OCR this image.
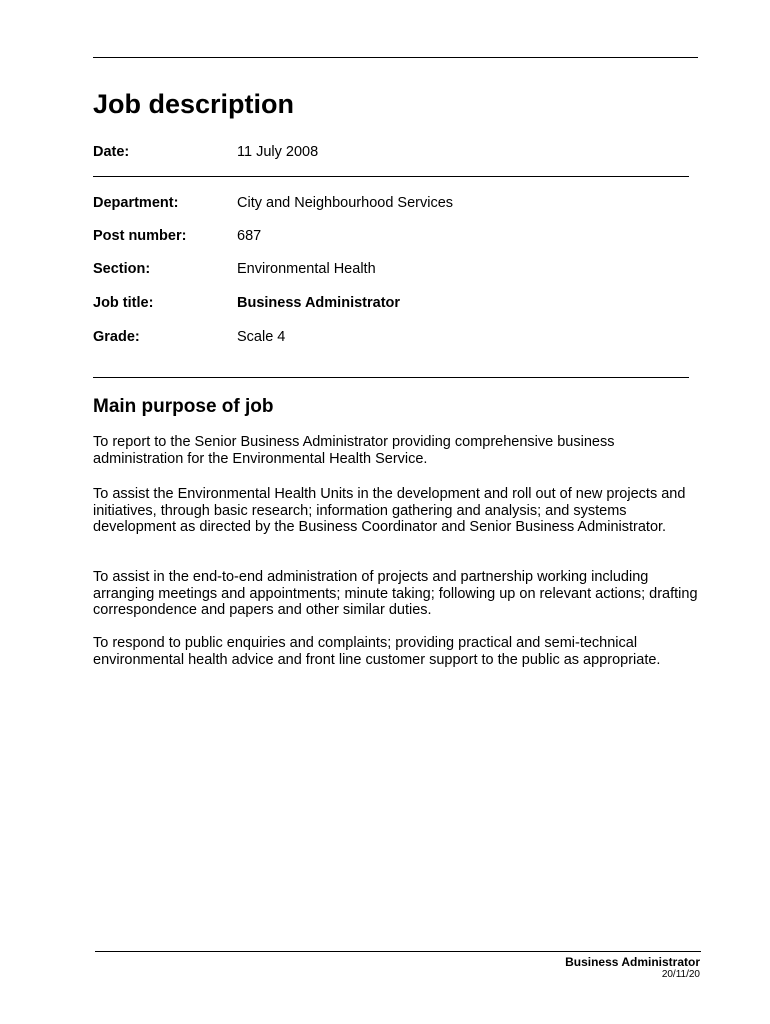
Job description
Date:	11 July 2008
Department:	City and Neighbourhood Services
Post number:	687
Section:	Environmental Health
Job title:	Business Administrator
Grade:	Scale 4
Main purpose of job

To report to the Senior Business Administrator providing comprehensive business administration for the Environmental Health Service.

To assist the Environmental Health Units in the development and roll out of new projects and initiatives, through basic research; information gathering and analysis; and systems development as directed by the Business Coordinator and Senior Business Administrator.

To assist in the end-to-end administration of projects and partnership working including arranging meetings and appointments; minute taking; following up on relevant actions; drafting correspondence and papers and other similar duties.

To respond to public enquiries and complaints; providing practical and semi-technical environmental health advice and front line customer support to the public as appropriate.

Business Administrator
20/11/20
